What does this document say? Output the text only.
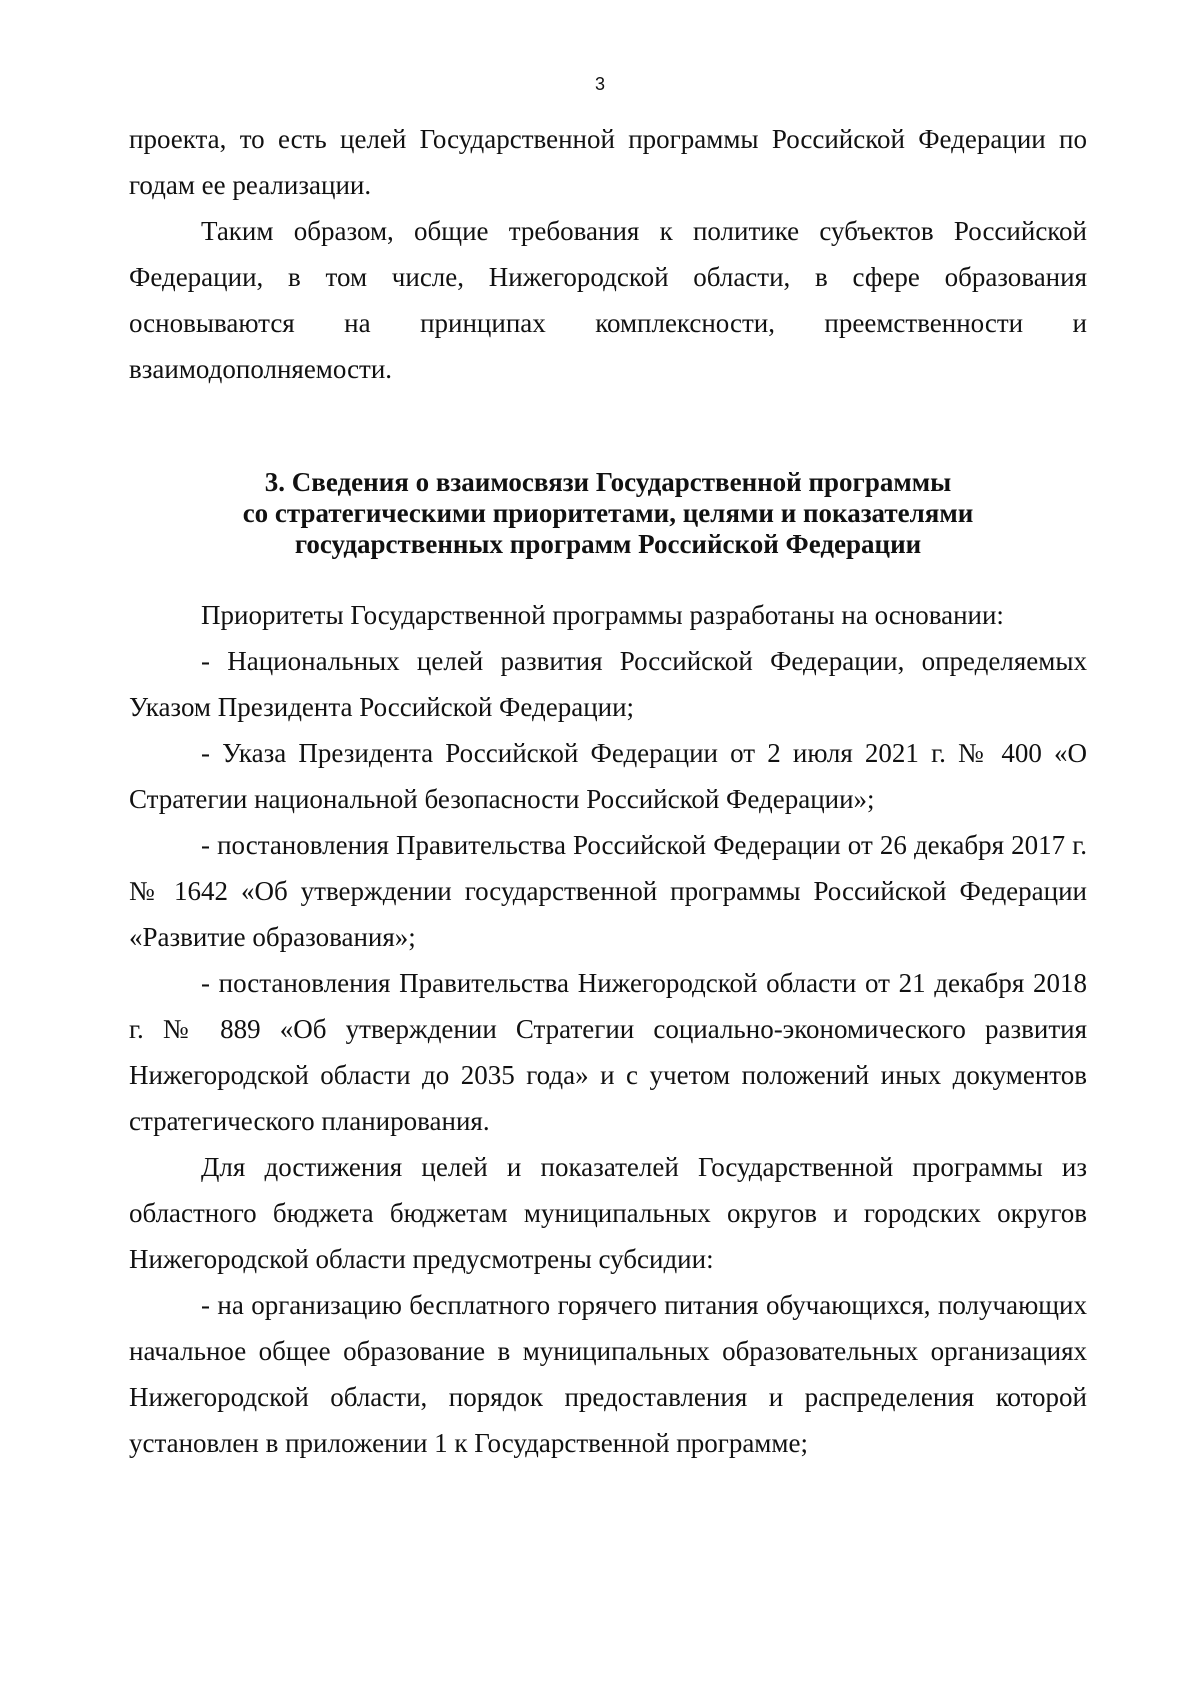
3

проекта, то есть целей Государственной программы Российской Федерации по годам ее реализации.

Таким образом, общие требования к политике субъектов Российской Федерации, в том числе, Нижегородской области, в сфере образования основываются на принципах комплексности, преемственности и взаимодополняемости.

3. Сведения о взаимосвязи Государственной программы
со стратегическими приоритетами, целями и показателями
государственных программ Российской Федерации

Приоритеты Государственной программы разработаны на основании:

- Национальных целей развития Российской Федерации, определяемых Указом Президента Российской Федерации;

- Указа Президента Российской Федерации от 2 июля 2021 г. № 400 «О Стратегии национальной безопасности Российской Федерации»;

- постановления Правительства Российской Федерации от 26 декабря 2017 г. № 1642 «Об утверждении государственной программы Российской Федерации «Развитие образования»;

- постановления Правительства Нижегородской области от 21 декабря 2018 г. № 889 «Об утверждении Стратегии социально-экономического развития Нижегородской области до 2035 года» и с учетом положений иных документов стратегического планирования.

Для достижения целей и показателей Государственной программы из областного бюджета бюджетам муниципальных округов и городских округов Нижегородской области предусмотрены субсидии:

- на организацию бесплатного горячего питания обучающихся, получающих начальное общее образование в муниципальных образовательных организациях Нижегородской области, порядок предоставления и распределения которой установлен в приложении 1 к Государственной программе;
